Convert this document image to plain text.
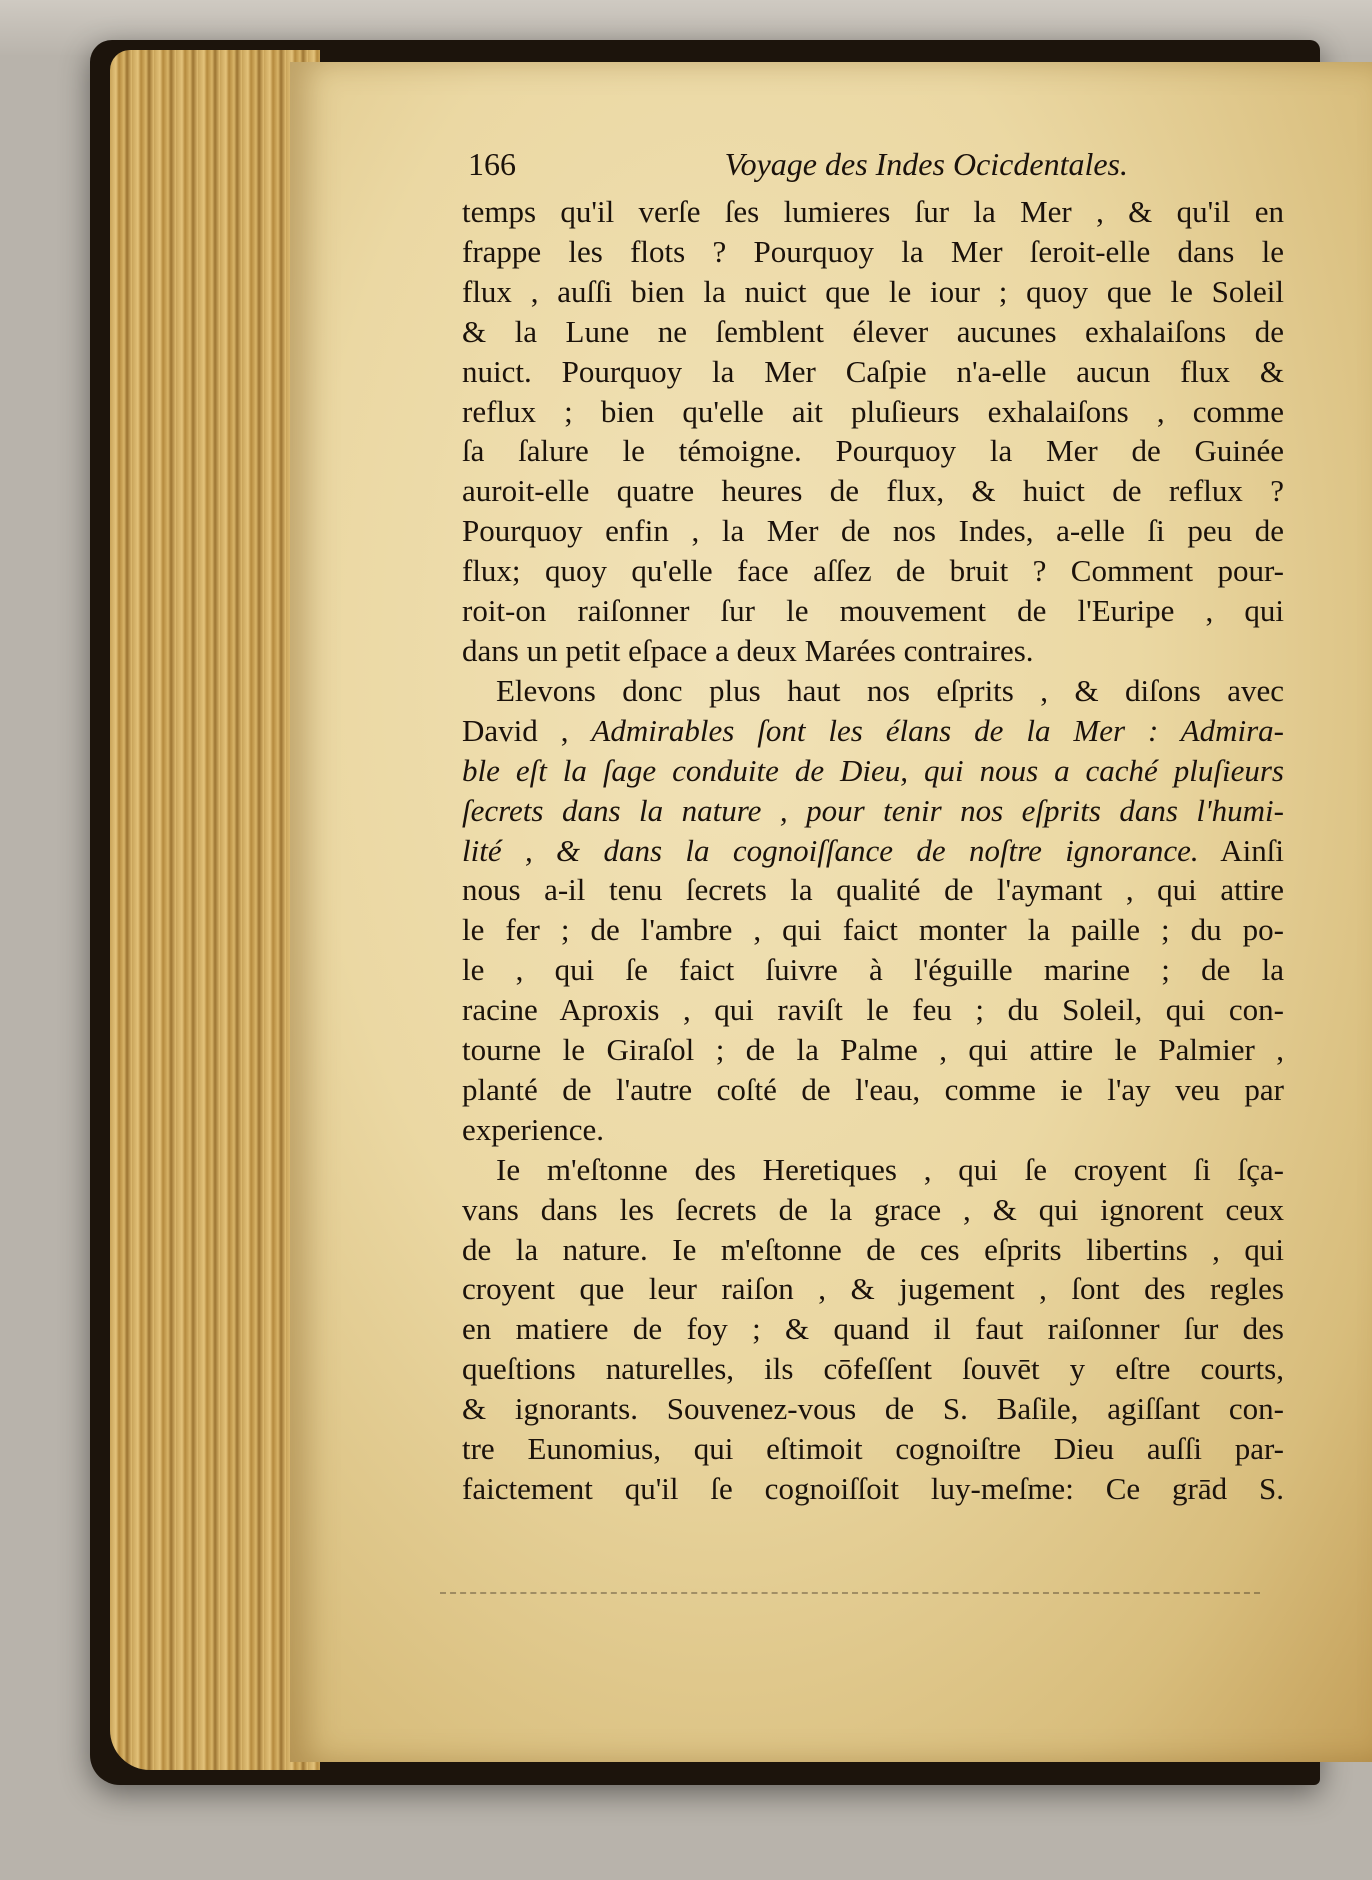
166	Voyage des Indes Ocicdentales.
temps qu'il verſe ſes lumieres ſur la Mer , & qu'il en
frappe les flots ? Pourquoy la Mer ſeroit-elle dans le
flux , auſſi bien la nuict que le iour ; quoy que le Soleil
& la Lune ne ſemblent élever aucunes exhalaiſons de
nuict. Pourquoy la Mer Caſpie n'a-elle aucun flux &
reflux ; bien qu'elle ait pluſieurs exhalaiſons , comme
ſa ſalure le témoigne. Pourquoy la Mer de Guinée
auroit-elle quatre heures de flux, & huict de reflux ?
Pourquoy enfin , la Mer de nos Indes, a-elle ſi peu de
flux; quoy qu'elle face aſſez de bruit ? Comment pour-
roit-on raiſonner ſur le mouvement de l'Euripe , qui
dans un petit eſpace a deux Marées contraires.
Elevons donc plus haut nos eſprits , & diſons avec
David , Admirables ſont les élans de la Mer : Admira-
ble eſt la ſage conduite de Dieu, qui nous a caché pluſieurs
ſecrets dans la nature , pour tenir nos eſprits dans l'humi-
lité , & dans la cognoiſſance de noſtre ignorance. Ainſi
nous a-il tenu ſecrets la qualité de l'aymant , qui attire
le fer ; de l'ambre , qui faict monter la paille ; du po-
le , qui ſe faict ſuivre à l'éguille marine ; de la
racine Aproxis , qui raviſt le feu ; du Soleil, qui con-
tourne le Giraſol ; de la Palme , qui attire le Palmier ,
planté de l'autre coſté de l'eau, comme ie l'ay veu par
experience.
Ie m'eſtonne des Heretiques , qui ſe croyent ſi ſça-
vans dans les ſecrets de la grace , & qui ignorent ceux
de la nature. Ie m'eſtonne de ces eſprits libertins , qui
croyent que leur raiſon , & jugement , ſont des regles
en matiere de foy ; & quand il faut raiſonner ſur des
queſtions naturelles, ils cōfeſſent ſouvēt y eſtre courts,
& ignorants. Souvenez-vous de S. Baſile, agiſſant con-
tre Eunomius, qui eſtimoit cognoiſtre Dieu auſſi par-
faictement qu'il ſe cognoiſſoit luy-meſme: Ce grād S.
